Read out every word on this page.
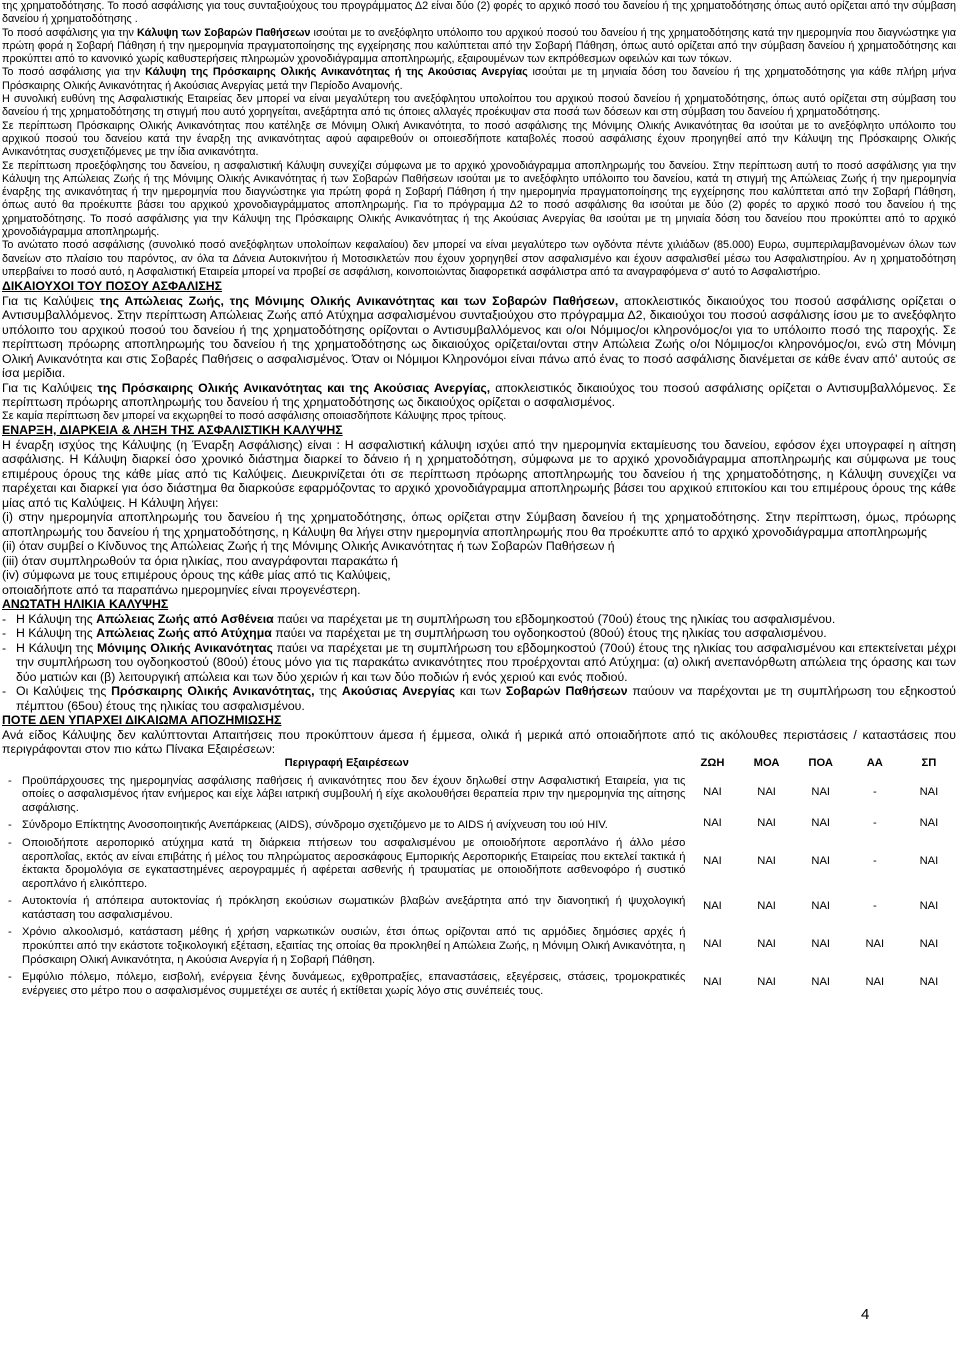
της χρηματοδότησης. Το ποσό ασφάλισης για τους συνταξιούχους του προγράμματος Δ2 είναι δύο (2) φορές το αρχικό ποσό του δανείου ή της χρηματοδότησης όπως αυτό ορίζεται από την σύμβαση δανείου ή χρηματοδότησης .

Το ποσό ασφάλισης για την Κάλυψη των Σοβαρών Παθήσεων ισούται με το ανεξόφλητο υπόλοιπο του αρχικού ποσού του δανείου ή της χρηματοδότησης κατά την ημερομηνία που διαγνώστηκε για πρώτη φορά η Σοβαρή Πάθηση ή την ημερομηνία πραγματοποίησης της εγχείρησης που καλύπτεται από την Σοβαρή Πάθηση, όπως αυτό ορίζεται από την σύμβαση δανείου ή χρηματοδότησης και προκύπτει από το κανονικό χωρίς καθυστερήσεις πληρωμών χρονοδιάγραμμα αποπληρωμής, εξαιρουμένων των εκπρόθεσμων οφειλών και των τόκων.

Το ποσό ασφάλισης για την Κάλυψη της Πρόσκαιρης Ολικής Ανικανότητας ή της Ακούσιας Ανεργίας ισούται με τη μηνιαία δόση του δανείου ή της χρηματοδότησης για κάθε πλήρη μήνα Πρόσκαιρης Ολικής Ανικανότητας ή Ακούσιας Ανεργίας μετά την Περίοδο Αναμονής.

Η συνολική ευθύνη της Ασφαλιστικής Εταιρείας δεν μπορεί να είναι μεγαλύτερη του ανεξόφλητου υπολοίπου του αρχικού ποσού δανείου ή χρηματοδότησης, όπως αυτό ορίζεται στη σύμβαση του δανείου ή της χρηματοδότησης τη στιγμή που αυτό χορηγείται, ανεξάρτητα από τις όποιες αλλαγές προέκυψαν στα ποσά των δόσεων και στη σύμβαση του δανείου ή χρηματοδότησης.

Σε περίπτωση Πρόσκαιρης Ολικής Ανικανότητας που κατέληξε σε Μόνιμη Ολική Ανικανότητα, το ποσό ασφάλισης της Μόνιμης Ολικής Ανικανότητας θα ισούται με το ανεξόφλητο υπόλοιπο του αρχικού ποσού του δανείου κατά την έναρξη της ανικανότητας αφού αφαιρεθούν οι οποιεσδήποτε καταβολές ποσού ασφάλισης έχουν προηγηθεί από την Κάλυψη της Πρόσκαιρης Ολικής Ανικανότητας συσχετιζόμενες με την ίδια ανικανότητα.

Σε περίπτωση προεξόφλησης του δανείου, η ασφαλιστική Κάλυψη συνεχίζει σύμφωνα με το αρχικό χρονοδιάγραμμα αποπληρωμής του δανείου. Στην περίπτωση αυτή το ποσό ασφάλισης για την Κάλυψη της Απώλειας Ζωής ή της Μόνιμης Ολικής Ανικανότητας ή των Σοβαρών Παθήσεων ισούται με το ανεξόφλητο υπόλοιπο του δανείου, κατά τη στιγμή της Απώλειας Ζωής ή την ημερομηνία έναρξης της ανικανότητας ή την ημερομηνία που διαγνώστηκε για πρώτη φορά η Σοβαρή Πάθηση ή την ημερομηνία πραγματοποίησης της εγχείρησης που καλύπτεται από την Σοβαρή Πάθηση, όπως αυτό θα προέκυπτε βάσει του αρχικού χρονοδιαγράμματος αποπληρωμής. Για το πρόγραμμα Δ2 το ποσό ασφάλισης θα ισούται με δύο (2) φορές το αρχικό ποσό του δανείου ή της χρηματοδότησης. Το ποσό ασφάλισης για την Κάλυψη της Πρόσκαιρης Ολικής Ανικανότητας ή της Ακούσιας Ανεργίας θα ισούται με τη μηνιαία δόση του δανείου που προκύπτει από το αρχικό χρονοδιάγραμμα αποπληρωμής.

Το ανώτατο ποσό ασφάλισης (συνολικό ποσό ανεξόφλητων υπολοίπων κεφαλαίου) δεν μπορεί να είναι μεγαλύτερο των ογδόντα πέντε χιλιάδων (85.000) Ευρω, συμπεριλαμβανομένων όλων των δανείων στο πλαίσιο του παρόντος, αν όλα τα Δάνεια Αυτοκινήτου ή Μοτοσικλετών που έχουν χορηγηθεί στον ασφαλισμένο και έχουν ασφαλισθεί μέσω του Ασφαλιστηρίου. Αν η χρηματοδότηση υπερβαίνει το ποσό αυτό, η Ασφαλιστική Εταιρεία μπορεί να προβεί σε ασφάλιση, κοινοποιώντας διαφορετικά ασφάλιστρα από τα αναγραφόμενα σ' αυτό το Ασφαλιστήριο.

ΔΙΚΑΙΟΥΧΟΙ ΤΟΥ ΠΟΣΟΥ ΑΣΦΑΛΙΣΗΣ

Για τις Καλύψεις της Απώλειας Ζωής, της Μόνιμης Ολικής Ανικανότητας και των Σοβαρών Παθήσεων, αποκλειστικός δικαιούχος του ποσού ασφάλισης ορίζεται ο Αντισυμβαλλόμενος. Στην περίπτωση Απώλειας Ζωής από Ατύχημα ασφαλισμένου συνταξιούχου στο πρόγραμμα Δ2, δικαιούχοι του ποσού ασφάλισης ίσου με το ανεξόφλητο υπόλοιπο του αρχικού ποσού του δανείου ή της χρηματοδότησης ορίζονται ο Αντισυμβαλλόμενος και ο/οι Νόμιμος/οι κληρονόμος/οι για το υπόλοιπο ποσό της παροχής. Σε περίπτωση πρόωρης αποπληρωμής του δανείου ή της χρηματοδότησης ως δικαιούχος ορίζεται/ονται στην Απώλεια Ζωής ο/οι Νόμιμος/οι κληρονόμος/οι, ενώ στη Μόνιμη Ολική Ανικανότητα και στις Σοβαρές Παθήσεις ο ασφαλισμένος. Όταν οι Νόμιμοι Κληρονόμοι είναι πάνω από ένας το ποσό ασφάλισης διανέμεται σε κάθε έναν από' αυτούς σε ίσα μερίδια.

Για τις Καλύψεις της Πρόσκαιρης Ολικής Ανικανότητας και της Ακούσιας Ανεργίας, αποκλειστικός δικαιούχος του ποσού ασφάλισης ορίζεται ο Αντισυμβαλλόμενος. Σε περίπτωση πρόωρης αποπληρωμής του δανείου ή της χρηματοδότησης ως δικαιούχος ορίζεται ο ασφαλισμένος.

Σε καμία περίπτωση δεν μπορεί να εκχωρηθεί το ποσό ασφάλισης οποιασδήποτε Κάλυψης προς τρίτους.

ΕΝΑΡΞΗ, ΔΙΑΡΚΕΙΑ & ΛΗΞΗ ΤΗΣ ΑΣΦΑΛΙΣΤΙΚΗ ΚΑΛΥΨΗΣ

Η έναρξη ισχύος της Κάλυψης (η Έναρξη Ασφάλισης) είναι : Η ασφαλιστική κάλυψη ισχύει από την ημερομηνία εκταμίευσης του δανείου, εφόσον έχει υπογραφεί η αίτηση ασφάλισης. Η Κάλυψη διαρκεί όσο χρονικό διάστημα διαρκεί το δάνειο ή η χρηματοδότηση, σύμφωνα με το αρχικό χρονοδιάγραμμα αποπληρωμής και σύμφωνα με τους επιμέρους όρους της κάθε μίας από τις Καλύψεις. Διευκρινίζεται ότι σε περίπτωση πρόωρης αποπληρωμής του δανείου ή της χρηματοδότησης, η Κάλυψη συνεχίζει να παρέχεται και διαρκεί για όσο διάστημα θα διαρκούσε εφαρμόζοντας το αρχικό χρονοδιάγραμμα αποπληρωμής βάσει του αρχικού επιτοκίου και του επιμέρους όρους της κάθε μίας από τις Καλύψεις. Η Κάλυψη λήγει:

(i) στην ημερομηνία αποπληρωμής του δανείου ή της χρηματοδότησης, όπως ορίζεται στην Σύμβαση δανείου ή της χρηματοδότησης. Στην περίπτωση, όμως, πρόωρης αποπληρωμής του δανείου ή της χρηματοδότησης, η Κάλυψη θα λήγει στην ημερομηνία αποπληρωμής που θα προέκυπτε από το αρχικό χρονοδιάγραμμα αποπληρωμής

(ii) όταν συμβεί ο Κίνδυνος της Απώλειας Ζωής ή της Μόνιμης Ολικής Ανικανότητας ή των Σοβαρών Παθήσεων ή

(iii) όταν συμπληρωθούν τα όρια ηλικίας, που αναγράφονται παρακάτω ή

(iv) σύμφωνα με τους επιμέρους όρους της κάθε μίας από τις Καλύψεις,

οποιαδήποτε από τα παραπάνω ημερομηνίες είναι προγενέστερη.

ΑΝΩΤΑΤΗ ΗΛΙΚΙΑ ΚΑΛΥΨΗΣ

- Η Κάλυψη της Απώλειας Ζωής από Ασθένεια παύει να παρέχεται με τη συμπλήρωση του εβδομηκοστού (70ού) έτους της ηλικίας του ασφαλισμένου.
- Η Κάλυψη της Απώλειας Ζωής από Ατύχημα παύει να παρέχεται με τη συμπλήρωση του ογδοηκοστού (80ού) έτους της ηλικίας του ασφαλισμένου.
- Η Κάλυψη της Μόνιμης Ολικής Ανικανότητας παύει να παρέχεται με τη συμπλήρωση του εβδομηκοστού (70ού) έτους της ηλικίας του ασφαλισμένου και επεκτείνεται μέχρι την συμπλήρωση του ογδοηκοστού (80ού) έτους μόνο για τις παρακάτω ανικανότητες που προέρχονται από Ατύχημα: (α) ολική ανεπανόρθωτη απώλεια της όρασης και των δύο ματιών και (β) λειτουργική απώλεια και των δύο χεριών ή και των δύο ποδιών ή ενός χεριού και ενός ποδιού.
- Οι Καλύψεις της Πρόσκαιρης Ολικής Ανικανότητας, της Ακούσιας Ανεργίας και των Σοβαρών Παθήσεων παύουν να παρέχονται με τη συμπλήρωση του εξηκοστού πέμπτου (65ου) έτους της ηλικίας του ασφαλισμένου.

ΠΟΤΕ ΔΕΝ ΥΠΑΡΧΕΙ ΔΙΚΑΙΩΜΑ ΑΠΟΖΗΜΙΩΣΗΣ

Ανά είδος Κάλυψης δεν καλύπτονται Απαιτήσεις που προκύπτουν άμεσα ή έμμεσα, ολικά ή μερικά από οποιαδήποτε από τις ακόλουθες περιστάσεις / καταστάσεις που περιγράφονται στον πιο κάτω Πίνακα Εξαιρέσεων:

Περιγραφή Εξαιρέσεων	ΖΩΗ	ΜΟΑ	ΠΟΑ	ΑΑ	ΣΠ

- Προϋπάρχουσες της ημερομηνίας ασφάλισης παθήσεις ή ανικανότητες που δεν έχουν δηλωθεί στην Ασφαλιστική Εταιρεία, για τις οποίες ο ασφαλισμένος ήταν ενήμερος και είχε λάβει ιατρική συμβουλή ή είχε ακολουθήσει θεραπεία πριν την ημερομηνία της αίτησης ασφάλισης.	ΝΑΙ	ΝΑΙ	ΝΑΙ	-	ΝΑΙ

- Σύνδρομο Επίκτητης Ανοσοποιητικής Ανεπάρκειας (AIDS), σύνδρομο σχετιζόμενο με το AIDS ή ανίχνευση του ιού HIV.	ΝΑΙ	ΝΑΙ	ΝΑΙ	-	ΝΑΙ

- Οποιοδήποτε αεροπορικό ατύχημα κατά τη διάρκεια πτήσεων του ασφαλισμένου με οποιοδήποτε αεροπλάνο ή άλλο μέσο αεροπλοΐας, εκτός αν είναι επιβάτης ή μέλος του πληρώματος αεροσκάφους Εμπορικής Αεροπορικής Εταιρείας που εκτελεί τακτικά ή έκτακτα δρομολόγια σε εγκαταστημένες αερογραμμές ή αφέρεται ασθενής ή τραυματίας με οποιοδήποτε ασθενοφόρο ή συστικό αεροπλάνο ή ελικόπτερο.	ΝΑΙ	ΝΑΙ	ΝΑΙ	-	ΝΑΙ

- Αυτοκτονία ή απόπειρα αυτοκτονίας ή πρόκληση εκούσιων σωματικών βλαβών ανεξάρτητα από την διανοητική ή ψυχολογική κατάσταση του ασφαλισμένου.	ΝΑΙ	ΝΑΙ	ΝΑΙ	-	ΝΑΙ

- Χρόνιο αλκοολισμό, κατάσταση μέθης ή χρήση ναρκωτικών ουσιών, έτσι όπως ορίζονται από τις αρμόδιες δημόσιες αρχές ή προκύπτει από την εκάστοτε τοξικολογική εξέταση, εξαιτίας της οποίας θα προκληθεί η Απώλεια Ζωής, η Μόνιμη Ολική Ανικανότητα, η Πρόσκαιρη Ολική Ανικανότητα, η Ακούσια Ανεργία ή η Σοβαρή Πάθηση.	ΝΑΙ	ΝΑΙ	ΝΑΙ	ΝΑΙ	ΝΑΙ

- Εμφύλιο πόλεμο, πόλεμο, εισβολή, ενέργεια ξένης δυνάμεως, εχθροπραξίες, επαναστάσεις, εξεγέρσεις, στάσεις, τρομοκρατικές ενέργειες στο μέτρο που ο ασφαλισμένος συμμετέχει σε αυτές ή εκτίθεται χωρίς λόγο στις συνέπειές τους.	ΝΑΙ	ΝΑΙ	ΝΑΙ	ΝΑΙ	ΝΑΙ
4
